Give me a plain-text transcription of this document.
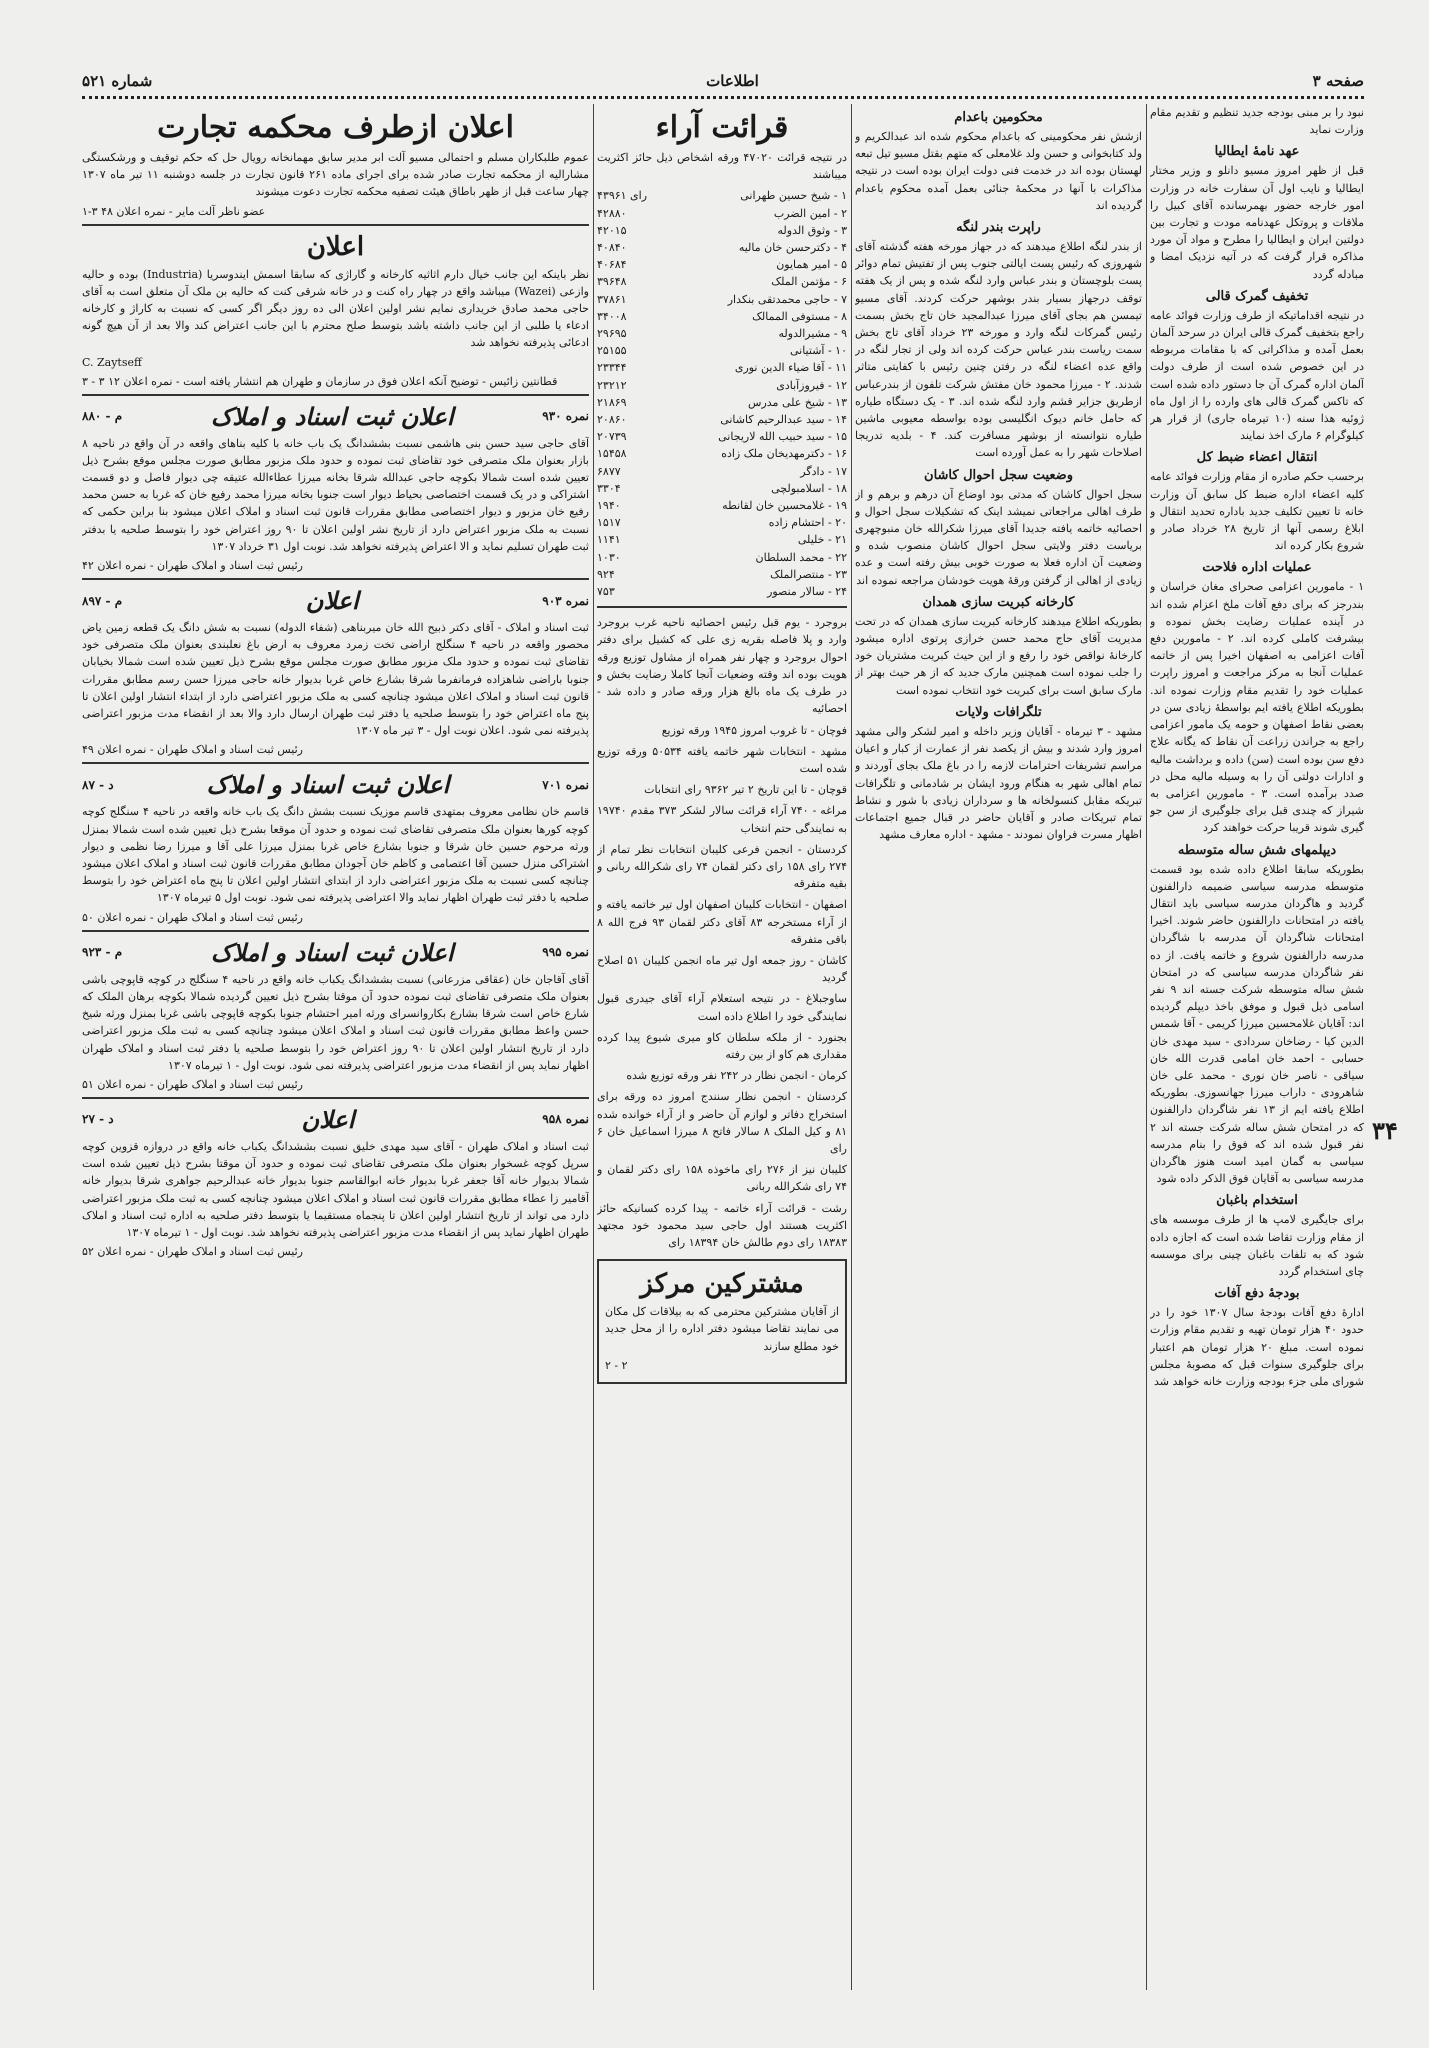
صفحه ۳
اطلاعات
شماره ۵۲۱

نبود را بر مبنی بودجه جدید تنظیم و تقدیم مقام وزارت نماید

عهد نامهٔ ایطالیا

قبل از ظهر امروز مسیو دانلو و وزیر مختار ایطالیا و نایب اول آن سفارت خانه در وزارت امور خارجه حضور بهمرسانده آقای کبیل را ملاقات و پروتکل عهدنامه مودت و تجارت بین دولتین ایران و ایطالیا را مطرح و مواد آن مورد مذاکره قرار گرفت که در آتیه نزدیک امضا و مبادله گردد

تخفیف گمرک قالی

در نتیجه اقداماتیکه از طرف وزارت فوائد عامه راجع بتخفیف گمرک قالی ایران در سرحد آلمان بعمل آمده و مذاکراتی که با مقامات مربوطه در این خصوص شده است از طرف دولت آلمان اداره گمرک آن جا دستور داده شده است که تاکس گمرک قالی های وارده را از اول ماه ژوئیه هذا سنه (۱۰ تیرماه جاری) از قرار هر کیلوگرام ۶ مارک اخذ نمایند

انتقال اعضاء ضبط کل

برحسب حکم صادره از مقام وزارت فوائد عامه کلیه اعضاء اداره ضبط کل سابق آن وزارت خانه تا تعیین تکلیف جدید باداره تحدید انتقال و ابلاغ رسمی آنها از تاریخ ۲۸ خرداد صادر و شروع بکار کرده اند

عملیات اداره فلاحت

۱ - مامورین اعزامی صحرای مغان خراسان و بندرجز که برای دفع آفات ملخ اعزام شده اند در آینده عملیات رضایت بخش نموده و بیشرفت کاملی کرده اند. ۲ - مامورین دفع آفات اعزامی به اصفهان اخیرا پس از خاتمه عملیات آنجا به مرکز مراجعت و امروز راپرت عملیات خود را تقدیم مقام وزارت نموده اند. بطوریکه اطلاع یافته ایم بواسطهٔ زیادی سن در بعضی نقاط اصفهان و حومه یک مامور اعزامی راجع به جراندن زراعت آن نقاط که یگانه علاج دفع سن بوده است (سن) داده و برداشت مالیه و ادارات دولتی آن را به وسیله مالیه محل در صدد برآمده است. ۳ - مامورین اعزامی به شیراز که چندی قبل برای جلوگیری از سن جو گیری شوند قریبا حرکت خواهند کرد

دیپلمهای شش ساله متوسطه

بطوریکه سابقا اطلاع داده شده بود قسمت متوسطه مدرسه سیاسی ضمیمه دارالفنون گردید و هاگردان مدرسه سیاسی باید انتقال یافته در امتحانات دارالفنون حاضر شوند. اخیرا امتحانات شاگردان آن مدرسه با شاگردان مدرسه دارالفنون شروع و خاتمه یافت. از ده نفر شاگردان مدرسه سیاسی که در امتحان شش ساله متوسطه شرکت جسته اند ۹ نفر اسامی ذیل قبول و موفق باخذ دیپلم گردیده اند: آقایان غلامحسین میرزا کریمی - آقا شمس الدین کیا - رضاخان سردادی - سید مهدی خان حسابی - احمد خان امامی قدرت الله خان سیاقی - ناصر خان نوری - محمد علی خان شاهرودی - داراب میرزا جهانسوزی. بطوریکه اطلاع یافته ایم از ۱۳ نفر شاگردان دارالفنون که در امتحان شش ساله شرکت جسته اند ۲ نفر قبول شده اند که فوق را بنام مدرسه سیاسی به گمان امید است هنوز هاگردان مدرسه سیاسی به آقایان فوق الذکر داده شود

استخدام باغبان

برای جایگیری لامپ ها از طرف موسسه های از مقام وزارت تقاضا شده است که اجازه داده شود که به تلفات باغبان چینی برای موسسه چای استخدام گردد

بودجهٔ دفع آفات

ادارهٔ دفع آفات بودجهٔ سال ۱۳۰۷ خود را در حدود ۴۰ هزار تومان تهیه و تقدیم مقام وزارت نموده است. مبلغ ۲۰ هزار تومان هم اعتبار برای جلوگیری سنوات قبل که مصوبهٔ مجلس شورای ملی جزء بودجه وزارت خانه خواهد شد

محکومین باعدام

ازشش نفر محکومینی که باعدام محکوم شده اند عبدالکریم و ولد کتابخوانی و حسن ولد غلامعلی که متهم بقتل مسیو تیل تبعه لهستان بوده اند در خدمت فنی دولت ایران بوده است در نتیجه مذاکرات با آنها در محکمهٔ جنائی بعمل آمده محکوم باعدام گردیده اند

راپرت بندر لنگه

از بندر لنگه اطلاع میدهند که در جهاز مورخه هفته گذشته آقای شهروزی که رئیس پست ایالتی جنوب پس از تفتیش تمام دوائر پست بلوچستان و بندر عباس وارد لنگه شده و پس از یک هفته توقف درجهاز بسیار بندر بوشهر حرکت کردند. آقای مسیو تیمسن هم بجای آقای میرزا عبدالمجید خان تاج بخش بسمت رئیس گمرکات لنگه وارد و مورخه ۲۳ خرداد آقای تاج بخش سمت ریاست بندر عباس حرکت کرده اند ولی از تجار لنگه در واقع عده اعضاء لنگه در رفتن چنین رئیس با کفایتی متاثر شدند. ۲ - میرزا محمود خان مفتش شرکت تلفون از بندرعباس ازطریق جزایر قشم وارد لنگه شده اند. ۳ - یک دستگاه طیاره که حامل خانم دیوک انگلیسی بوده بواسطه معیوبی ماشین طیاره نتوانسته از بوشهر مسافرت کند. ۴ - بلدیه تدریجا اصلاحات شهر را به عمل آورده است

وضعیت سجل احوال کاشان

سجل احوال کاشان که مدتی بود اوضاع آن درهم و برهم و از طرف اهالی مراجعاتی نمیشد اینک که تشکیلات سجل احوال و احصائیه خاتمه یافته جدیدا آقای میرزا شکرالله خان منبوچهری بریاست دفتر ولایتی سجل احوال کاشان منصوب شده و وضعیت آن اداره فعلا به صورت خوبی بیش رفته است و عده زیادی از اهالی از گرفتن ورقهٔ هویت خودشان مراجعه نموده اند

کارخانه کبریت سازی همدان

بطوریکه اطلاع میدهند کارخانه کبریت سازی همدان که در تحت مدیریت آقای حاج محمد حسن خرازی پرتوی اداره میشود کارخانهٔ نواقص خود را رفع و از این حیث کبریت مشتریان خود را جلب نموده است همچنین مارک جدید که از هر حیث بهتر از مارک سابق است برای کبریت خود انتخاب نموده است

تلگرافات ولایات

مشهد - ۳ تیرماه - آقایان وزیر داخله و امیر لشکر والی مشهد امروز وارد شدند و بیش از یکصد نفر از عمارت از کبار و اعیان مراسم تشریفات احترامات لازمه را در باغ ملک بجای آوردند و تمام اهالی شهر به هنگام ورود ایشان بر شادمانی و تلگرافات تبریکه مقابل کنسولخانه ها و سرداران زیادی با شور و نشاط تمام تبریکات صادر و آقایان حاضر در قبال جمیع اجتماعات اظهار مسرت فراوان نمودند - مشهد - اداره معارف مشهد

قرائت آراء

در نتیجه قرائت ۴۷۰۲۰ ورقه اشخاص ذیل حائز اکثریت میباشند

۱ - شیخ حسین طهرانی
۴۳۹۶۱ رای
۲ - امین الضرب
۴۲۸۸۰
۳ - وثوق الدوله
۴۲۰۱۵
۴ - دکترحسن خان مالیه
۴۰۸۴۰
۵ - امیر همایون
۴۰۶۸۴
۶ - مؤتمن الملک
۳۹۶۴۸
۷ - حاجی محمدتقی بنکدار
۳۷۸۶۱
۸ - مستوفی الممالک
۳۴۰۰۸
۹ - مشیرالدوله
۲۹۶۹۵
۱۰ - آشتیانی
۲۵۱۵۵
۱۱ - آقا ضیاء الدین نوری
۲۳۳۴۴
۱۲ - فیروزآبادی
۲۳۲۱۲
۱۳ - شیخ علی مدرس
۲۱۸۶۹
۱۴ - سید عبدالرحیم کاشانی
۲۰۸۶۰
۱۵ - سید حبیب الله لاریجانی
۲۰۷۳۹
۱۶ - دکترمهدیخان ملک زاده
۱۵۴۵۸
۱۷ - دادگر
۶۸۷۷
۱۸ - اسلامبولچی
۳۳۰۴
۱۹ - غلامحسین خان لقانطه
۱۹۴۰
۲۰ - احتشام زاده
۱۵۱۷
۲۱ - خلیلی
۱۱۴۱
۲۲ - محمد السلطان
۱۰۳۰
۲۳ - منتصرالملک
۹۲۴
۲۴ - سالار منصور
۷۵۳

بروجرد - یوم قبل رئیس احصائیه ناحیه غرب بروجرد وارد و پلا فاصله بقریه زی علی که کشیل برای دفتر احوال بروجرد و چهار نفر همراه از مشاول توزیع ورقه هویت بوده اند وقته وضعیات آنجا کاملا رضایت بخش و در طرف یک ماه بالغ هزار ورقه صادر و داده شد - احصائیه

فوچان - تا غروب امروز ۱۹۴۵ ورقه توزیع

مشهد - انتخابات شهر خاتمه یافته ۵۰۵۳۴ ورقه توزیع شده است

قوچان - تا این تاریخ ۲ تیر ۹۳۶۲ رای انتخابات

مراغه - ۷۴۰ آراء قرائت سالار لشکر ۳۷۳ مقدم ۱۹۷۴۰ به نمایندگی حتم انتخاب

کردستان - انجمن فرعی کلیبان انتخابات نظر تمام از ۲۷۴ رای ۱۵۸ رای دکتر لقمان ۷۴ رای شکرالله ربانی و بقیه متفرقه

اصفهان - انتخابات کلیبان اصفهان اول تیر خاتمه یافته و از آراء مستخرجه ۸۳ آقای دکتر لقمان ۹۳ فرج الله ۸ باقی متفرقه

کاشان - روز جمعه اول تیر ماه انجمن کلیبان ۵۱ اصلاح گردید

ساوجبلاغ - در نتیجه استعلام آراء آقای جیدری قبول نمایندگی خود را اطلاع داده است

بجنورد - از ملکه سلطان کاو میری شیوع پیدا کرده مقداری هم کاو از بین رفته

کرمان - انجمن نظار در ۲۴۲ نفر ورقه توزیع شده

کردستان - انجمن نظار سنندج امروز ده ورقه برای استخراج دفاتر و لوازم آن حاضر و از آراء خوانده شده ۸۱ و کیل الملک ۸ سالار فاتح ۸ میرزا اسماعیل خان ۶ رای

کلیبان نیز از ۲۷۶ رای ماخوذه ۱۵۸ رای دکتر لقمان و ۷۴ رای شکرالله ربانی

رشت - قرائت آراء خاتمه - پیدا کرده کسانیکه حائز اکثریت هستند اول حاجی سید محمود خود مجتهد ۱۸۳۸۳ رای دوم طالش خان ۱۸۳۹۴ رای

مشترکین مرکز

از آقایان مشترکین محترمی که به بیلاقات کل مکان می نمایند تقاضا میشود دفتر اداره را از محل جدید خود مطلع سازند

۲ - ۲
اعلان ازطرف محکمه تجارت

عموم طلبکاران مسلم و احتمالی مسیو آلت ابر مدیر سابق مهمانخانه رویال حل که حکم توقیف و ورشکستگی مشارالیه از محکمه تجارت صادر شده برای اجرای ماده ۲۶۱ قانون تجارت در جلسه دوشنبه ۱۱ تیر ماه ۱۳۰۷ چهار ساعت قبل از ظهر باطاق هیئت تصفیه محکمه تجارت دعوت میشوند

عضو ناظر آلت مایر - نمره اعلان ۴۸ ۳-۱
اعلان

نظر باینکه این جانب خیال دارم اثاثیه کارخانه و گاراژی که سابقا اسمش ایندوسریا (Industria) بوده و حالیه وازعی (Wazei) میباشد واقع در چهار راه کنت و در خانه شرقی کنت که حالیه بن ملک آن متعلق است به آقای حاجی محمد صادق خریداری نمایم نشر اولین اعلان الی ده روز دیگر اگر کسی که نسبت به کاراژ و کارخانه ادعاء یا طلبی از این جانب داشته باشد بتوسط صلح محترم با این جانب اعتراض کند والا بعد از آن هیچ گونه ادعائی پذیرفته نخواهد شد

C. Zaytseff
قطانتین زائیس - توضیح آنکه اعلان فوق در سازمان و طهران هم انتشار یافته است - نمره اعلان ۱۲ ۳ - ۳
نمره ۹۳۰
اعلان ثبت اسناد و املاک
م - ۸۸۰

آقای حاجی سید حسن بنی هاشمی نسبت بششدانگ یک باب خانه با کلیه بناهای واقعه در آن واقع در ناحیه ۸ بازار بعنوان ملک متصرفی خود تقاضای ثبت نموده و حدود ملک مزبور مطابق صورت مجلس موقع بشرح ذیل تعیین شده است شمالا بکوچه حاجی عبدالله شرقا بخانه میرزا عطاءالله عتیقه چی دیوار فاصل و دو قسمت اشتراکی و در یک قسمت اختصاصی بحیاط دیوار است جنوبا بخانه میرزا محمد رفیع خان که غربا به حسن محمد رفیع خان مزبور و دیوار اختصاصی مطابق مقررات قانون ثبت اسناد و املاک اعلان میشود بنا براین حکمی که نسبت به ملک مزبور اعتراض دارد از تاریخ نشر اولین اعلان تا ۹۰ روز اعتراض خود را بتوسط صلحیه یا بدفتر ثبت طهران تسلیم نماید و الا اعتراض پذیرفته نخواهد شد. نوبت اول ۳۱ خرداد ۱۳۰۷

رئیس ثبت اسناد و املاک طهران - نمره اعلان ۴۲
نمره ۹۰۳
اعلان
م - ۸۹۷

ثبت اسناد و املاک - آقای دکتر ذبیح الله خان میربناهی (شفاء الدوله) نسبت به شش دانگ یک قطعه زمین یاض محصور واقعه در ناحیه ۴ سنگلج اراضی تخت زمرد معروف به ارض باغ نعلبندی بعنوان ملک متصرفی خود تقاضای ثبت نموده و حدود ملک مزبور مطابق صورت مجلس موقع بشرح ذیل تعیین شده است شمالا بخیابان جنوبا باراضی شاهزاده فرمانفرما شرقا بشارع خاص غربا بدیوار خانه حاجی میرزا حسن رسم مطابق مقررات قانون ثبت اسناد و املاک اعلان میشود چنانچه کسی به ملک مزبور اعتراضی دارد از ابتداء انتشار اولین اعلان تا پنج ماه اعتراض خود را بتوسط صلحیه یا دفتر ثبت طهران ارسال دارد والا بعد از انقضاء مدت مزبور اعتراضی پذیرفته نمی شود. اعلان نوبت اول - ۳ تیر ماه ۱۳۰۷

رئیس ثبت اسناد و املاک طهران - نمره اعلان ۴۹
نمره ۷۰۱
اعلان ثبت اسناد و املاک
د - ۸۷

قاسم خان نظامی معروف بمتهدی قاسم موزیک نسبت بشش دانگ یک باب خانه واقعه در ناحیه ۴ سنگلج کوچه کوچه کورها بعنوان ملک متصرفی تقاضای ثبت نموده و حدود آن موقعا بشرح ذیل تعیین شده است شمالا بمنزل ورثه مرحوم حسین خان شرقا و جنوبا بشارع خاص غربا بمنزل میرزا علی آقا و میرزا رضا نظمی و دیوار اشتراکی منزل حسین آقا اعتصامی و کاظم خان آجودان مطابق مقررات قانون ثبت اسناد و املاک اعلان میشود چنانچه کسی نسبت به ملک مزبور اعتراضی دارد از ابتدای انتشار اولین اعلان تا پنج ماه اعتراض خود را بتوسط صلحیه یا دفتر ثبت طهران اظهار نماید والا اعتراضی پذیرفته نمی شود. نوبت اول ۵ تیرماه ۱۳۰۷

رئیس ثبت اسناد و املاک طهران - نمره اعلان ۵۰
نمره ۹۹۵
اعلان ثبت اسناد و املاک
م - ۹۲۳

آقای آقاجان خان (عقاقی مزرعانی) نسبت بششدانگ یکباب خانه واقع در ناحیه ۴ سنگلج در کوچه قاپوچی باشی بعنوان ملک متصرفی تقاضای ثبت نموده حدود آن موقتا بشرح ذیل تعیین گردیده شمالا بکوچه برهان الملک که شارع خاص است شرقا بشارع بکاروانسرای ورثه امیر احتشام جنوبا بکوچه قاپوچی باشی غربا بمنزل ورثه شیخ حسن واعظ مطابق مقررات قانون ثبت اسناد و املاک اعلان میشود چنانچه کسی به ثبت ملک مزبور اعتراضی دارد از تاریخ انتشار اولین اعلان تا ۹۰ روز اعتراض خود را بتوسط صلحیه یا دفتر ثبت اسناد و املاک طهران اظهار نماید پس از انقضاء مدت مزبور اعتراضی پذیرفته نمی شود. نوبت اول - ۱ تیرماه ۱۳۰۷

رئیس ثبت اسناد و املاک طهران - نمره اعلان ۵۱
نمره ۹۵۸
اعلان
د - ۲۷

ثبت اسناد و املاک طهران - آقای سید مهدی خلیق نسبت بششدانگ یکباب خانه واقع در دروازه قزوین کوچه سرپل کوچه غسخوار بعنوان ملک متصرفی تقاضای ثبت نموده و حدود آن موقتا بشرح ذیل تعیین شده است شمالا بدیوار خانه آقا جعفر غربا بدیوار خانه ابوالقاسم جنوبا بدیوار خانه عبدالرحیم جواهری شرقا بدیوار خانه آقامیر زا عطاء مطابق مقررات قانون ثبت اسناد و املاک اعلان میشود چنانچه کسی به ثبت ملک مزبور اعتراضی دارد می تواند از تاریخ انتشار اولین اعلان تا پنجماه مستقیما یا بتوسط دفتر صلحیه به اداره ثبت اسناد و املاک طهران اظهار نماید پس از انقضاء مدت مزبور اعتراضی پذیرفته نخواهد شد. نوبت اول - ۱ تیرماه ۱۳۰۷

رئیس ثبت اسناد و املاک طهران - نمره اعلان ۵۲
۳۴
